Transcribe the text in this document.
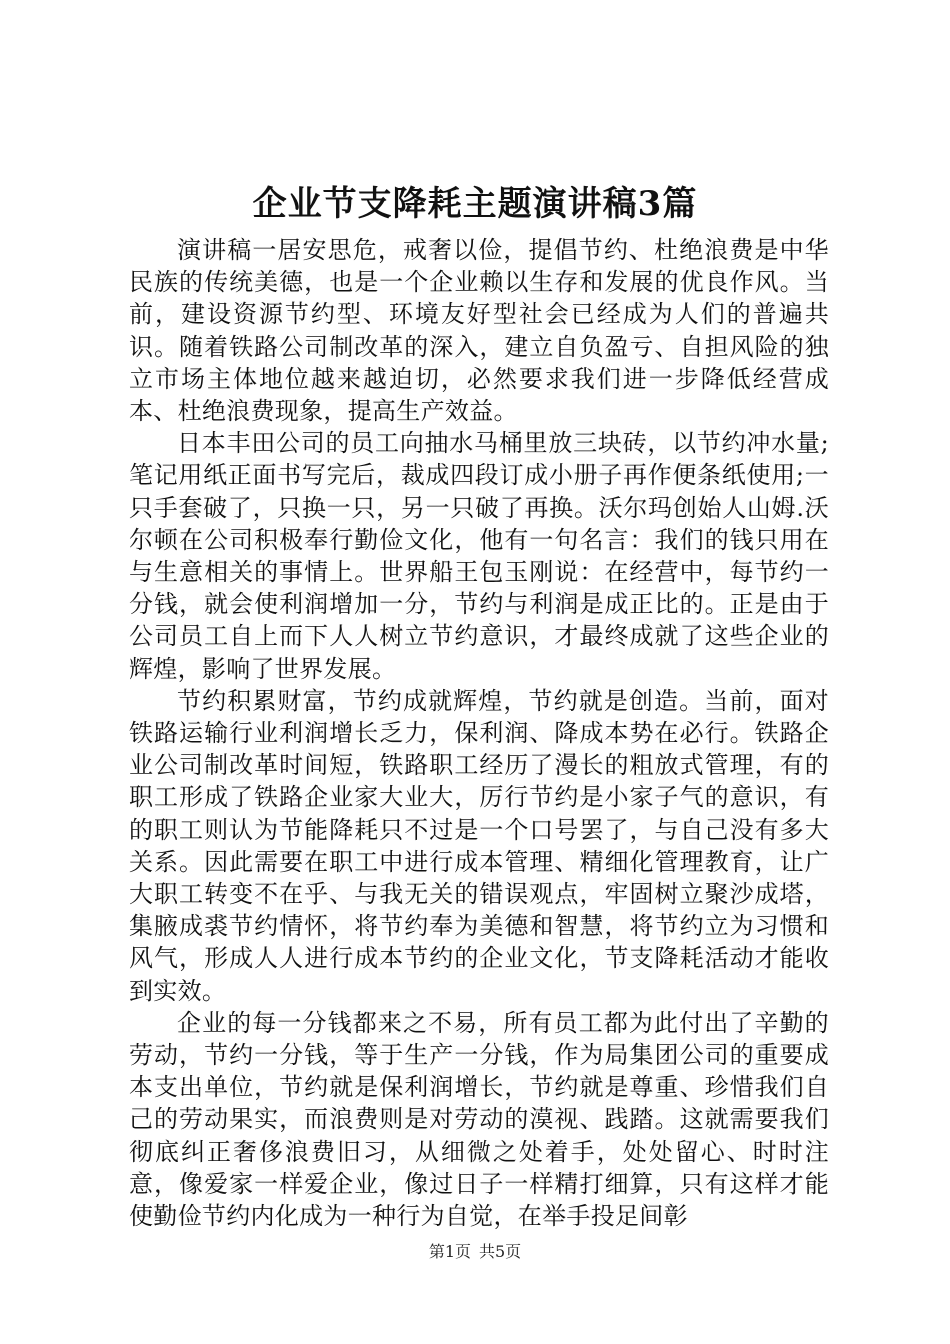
企业节支降耗主题演讲稿3篇

演讲稿一居安思危，戒奢以俭，提倡节约、杜绝浪费是中华民族的传统美德，也是一个企业赖以生存和发展的优良作风。当前，建设资源节约型、环境友好型社会已经成为人们的普遍共识。随着铁路公司制改革的深入，建立自负盈亏、自担风险的独立市场主体地位越来越迫切，必然要求我们进一步降低经营成本、杜绝浪费现象，提高生产效益。

日本丰田公司的员工向抽水马桶里放三块砖，以节约冲水量;笔记用纸正面书写完后，裁成四段订成小册子再作便条纸使用;一只手套破了，只换一只，另一只破了再换。沃尔玛创始人山姆.沃尔顿在公司积极奉行勤俭文化，他有一句名言：我们的钱只用在与生意相关的事情上。世界船王包玉刚说：在经营中，每节约一分钱，就会使利润增加一分，节约与利润是成正比的。正是由于公司员工自上而下人人树立节约意识，才最终成就了这些企业的辉煌，影响了世界发展。

节约积累财富，节约成就辉煌，节约就是创造。当前，面对铁路运输行业利润增长乏力，保利润、降成本势在必行。铁路企业公司制改革时间短，铁路职工经历了漫长的粗放式管理，有的职工形成了铁路企业家大业大，厉行节约是小家子气的意识，有的职工则认为节能降耗只不过是一个口号罢了，与自己没有多大关系。因此需要在职工中进行成本管理、精细化管理教育，让广大职工转变不在乎、与我无关的错误观点，牢固树立聚沙成塔，集腋成裘节约情怀，将节约奉为美德和智慧，将节约立为习惯和风气，形成人人进行成本节约的企业文化，节支降耗活动才能收到实效。

企业的每一分钱都来之不易，所有员工都为此付出了辛勤的劳动，节约一分钱，等于生产一分钱，作为局集团公司的重要成本支出单位，节约就是保利润增长，节约就是尊重、珍惜我们自己的劳动果实，而浪费则是对劳动的漠视、践踏。这就需要我们彻底纠正奢侈浪费旧习，从细微之处着手，处处留心、时时注意，像爱家一样爱企业，像过日子一样精打细算，只有这样才能使勤俭节约内化成为一种行为自觉，在举手投足间彰

第1页 共5页
